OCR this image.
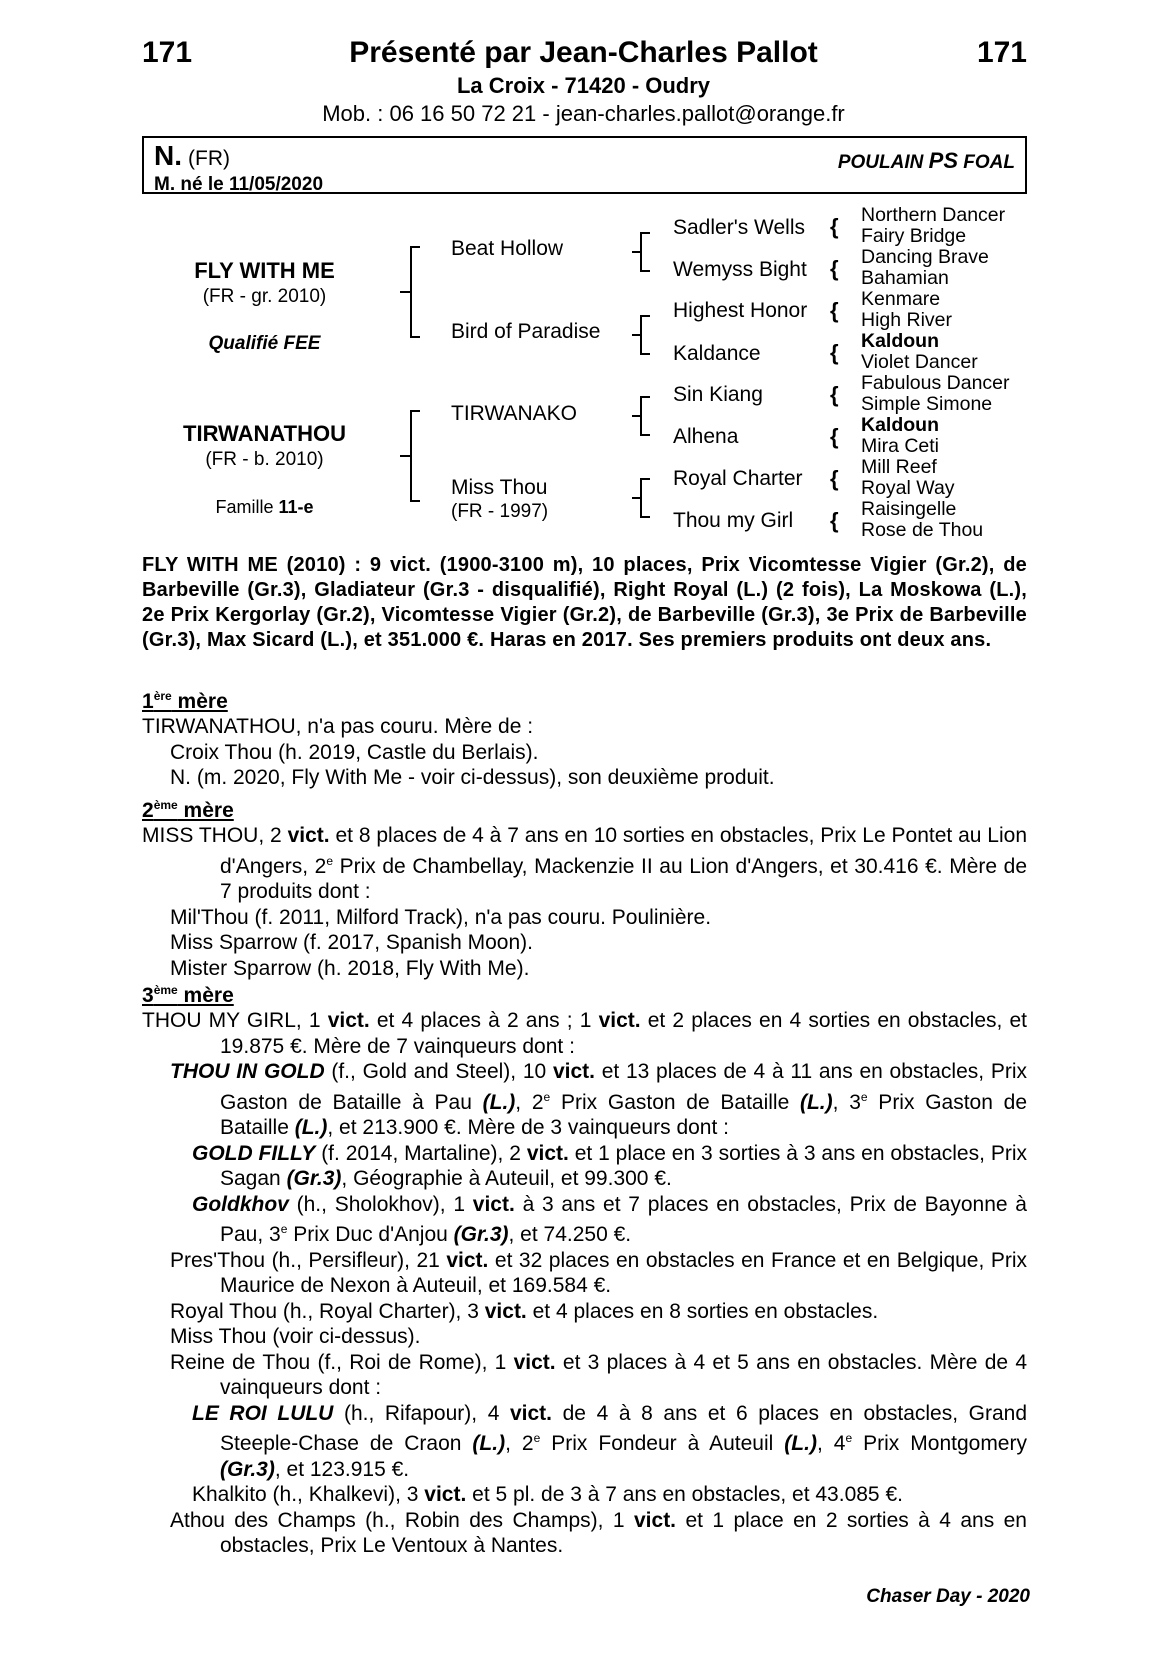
171	171
Présenté par Jean-Charles Pallot
La Croix - 71420 - Oudry
Mob. : 06 16 50 72 21 - jean-charles.pallot@orange.fr
N. (FR)
M. né le 11/05/2020
POULAIN PS FOAL
FLY WITH ME
(FR - gr. 2010)
Qualifié FEE
TIRWANATHOU
(FR - b. 2010)
Famille 11-e
Beat Hollow
Bird of Paradise
TIRWANAKO
Miss Thou
(FR - 1997)
Sadler's Wells
Wemyss Bight
Highest Honor
Kaldance
Sin Kiang
Alhena
Royal Charter
Thou my Girl
{
{
{
{
{
{
{
{
Northern Dancer
Fairy Bridge
Dancing Brave
Bahamian
Kenmare
High River
Kaldoun
Violet Dancer
Fabulous Dancer
Simple Simone
Kaldoun
Mira Ceti
Mill Reef
Royal Way
Raisingelle
Rose de Thou
FLY WITH ME (2010) : 9 vict. (1900-3100 m), 10 places, Prix Vicomtesse Vigier (Gr.2), de Barbeville (Gr.3), Gladiateur (Gr.3 - disqualifié), Right Royal (L.) (2 fois), La Moskowa (L.), 2e Prix Kergorlay (Gr.2), Vicomtesse Vigier (Gr.2), de Barbeville (Gr.3), 3e Prix de Barbeville (Gr.3), Max Sicard (L.), et 351.000 €. Haras en 2017. Ses premiers produits ont deux ans.
1ère mère
TIRWANATHOU, n'a pas couru. Mère de :
Croix Thou (h. 2019, Castle du Berlais).
N. (m. 2020, Fly With Me - voir ci-dessus), son deuxième produit.
2ème mère
MISS THOU, 2 vict. et 8 places de 4 à 7 ans en 10 sorties en obstacles, Prix Le Pontet au Lion d'Angers, 2e Prix de Chambellay, Mackenzie II au Lion d'Angers, et 30.416 €. Mère de 7 produits dont :
Mil'Thou (f. 2011, Milford Track), n'a pas couru. Poulinière.
Miss Sparrow (f. 2017, Spanish Moon).
Mister Sparrow (h. 2018, Fly With Me).
3ème mère
THOU MY GIRL, 1 vict. et 4 places à 2 ans ; 1 vict. et 2 places en 4 sorties en obstacles, et 19.875 €. Mère de 7 vainqueurs dont :
THOU IN GOLD (f., Gold and Steel), 10 vict. et 13 places de 4 à 11 ans en obstacles, Prix Gaston de Bataille à Pau (L.), 2e Prix Gaston de Bataille (L.), 3e Prix Gaston de Bataille (L.), et 213.900 €. Mère de 3 vainqueurs dont :
GOLD FILLY (f. 2014, Martaline), 2 vict. et 1 place en 3 sorties à 3 ans en obstacles, Prix Sagan (Gr.3), Géographie à Auteuil, et 99.300 €.
Goldkhov (h., Sholokhov), 1 vict. à 3 ans et 7 places en obstacles, Prix de Bayonne à Pau, 3e Prix Duc d'Anjou (Gr.3), et 74.250 €.
Pres'Thou (h., Persifleur), 21 vict. et 32 places en obstacles en France et en Belgique, Prix Maurice de Nexon à Auteuil, et 169.584 €.
Royal Thou (h., Royal Charter), 3 vict. et 4 places en 8 sorties en obstacles.
Miss Thou (voir ci-dessus).
Reine de Thou (f., Roi de Rome), 1 vict. et 3 places à 4 et 5 ans en obstacles. Mère de 4 vainqueurs dont :
LE ROI LULU (h., Rifapour), 4 vict. de 4 à 8 ans et 6 places en obstacles, Grand Steeple-Chase de Craon (L.), 2e Prix Fondeur à Auteuil (L.), 4e Prix Montgomery (Gr.3), et 123.915 €.
Khalkito (h., Khalkevi), 3 vict. et 5 pl. de 3 à 7 ans en obstacles, et 43.085 €.
Athou des Champs (h., Robin des Champs), 1 vict. et 1 place en 2 sorties à 4 ans en obstacles, Prix Le Ventoux à Nantes.
Chaser Day - 2020
